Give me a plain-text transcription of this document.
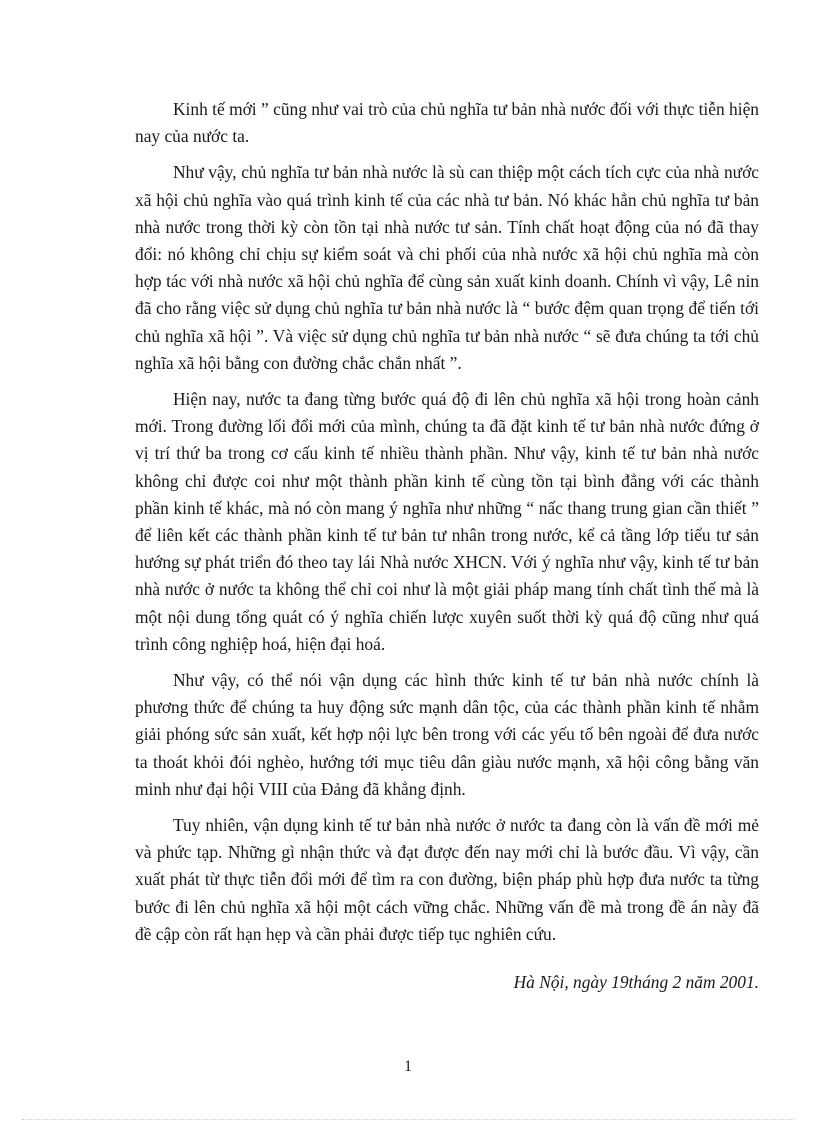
Kinh tế mới ” cũng như vai trò của chủ nghĩa tư bản nhà nước đối với thực tiễn hiện nay của nước ta.

Như vậy, chủ nghĩa tư bản nhà nước là sù can thiệp một cách tích cực của nhà nước xã hội chủ nghĩa vào quá trình kinh tế của các nhà tư bản. Nó khác hẳn chủ nghĩa tư bản nhà nước trong thời kỳ còn tồn tại nhà nước tư sản. Tính chất hoạt động của nó đã thay đổi: nó không chỉ chịu sự kiểm soát và chi phối của nhà nước xã hội chủ nghĩa mà còn hợp tác với nhà nước xã hội chủ nghĩa để cùng sản xuất kinh doanh. Chính vì vậy, Lê nin đã cho rằng việc sử dụng chủ nghĩa tư bản nhà nước là “ bước đệm quan trọng để tiến tới chủ nghĩa xã hội ”. Và việc sử dụng chủ nghĩa tư bản nhà nước “ sẽ đưa chúng ta tới chủ nghĩa xã hội bằng con đường chắc chắn nhất ”.

Hiện nay, nước ta đang từng bước quá độ đi lên chủ nghĩa xã hội trong hoàn cảnh mới. Trong đường lối đổi mới của mình, chúng ta đã đặt kinh tế tư bản nhà nước đứng ở vị trí thứ ba trong cơ cấu kinh tế nhiều thành phần. Như vậy, kinh tế tư bản nhà nước không chỉ được coi như một thành phần kinh tế cùng tồn tại bình đẳng với các thành phần kinh tế khác, mà nó còn mang ý nghĩa như những “ nấc thang trung gian cần thiết ” để liên kết các thành phần kinh tế tư bản tư nhân trong nước, kể cả tầng lớp tiểu tư sản hướng sự phát triển đó theo tay lái Nhà nước XHCN. Với ý nghĩa như vậy, kinh tế tư bản nhà nước ở nước ta không thể chỉ coi như là một giải pháp mang tính chất tình thế mà là một nội dung tổng quát có ý nghĩa chiến lược xuyên suốt thời kỳ quá độ cũng như quá trình công nghiệp hoá, hiện đại hoá.

Như vậy, có thể nói vận dụng các hình thức kinh tế tư bản nhà nước chính là phương thức để chúng ta huy động sức mạnh dân tộc, của các thành phần kinh tế nhằm giải phóng sức sản xuất, kết hợp nội lực bên trong với các yếu tố bên ngoài để đưa nước ta thoát khỏi đói nghèo, hướng tới mục tiêu dân giàu nước mạnh, xã hội công bằng văn minh như đại hội VIII của Đảng đã khẳng định.

Tuy nhiên, vận dụng kinh tế tư bản nhà nước ở nước ta đang còn là vấn đề mới mẻ và phức tạp. Những gì nhận thức và đạt được đến nay mới chỉ là bước đầu. Vì vậy, cần xuất phát từ thực tiễn đổi mới để tìm ra con đường, biện pháp phù hợp đưa nước ta từng bước đi lên chủ nghĩa xã hội một cách vững chắc. Những vấn đề mà trong đề án này đã đề cập còn rất hạn hẹp và cần phải được tiếp tục nghiên cứu.

Hà Nội, ngày 19tháng 2 năm 2001.

1
